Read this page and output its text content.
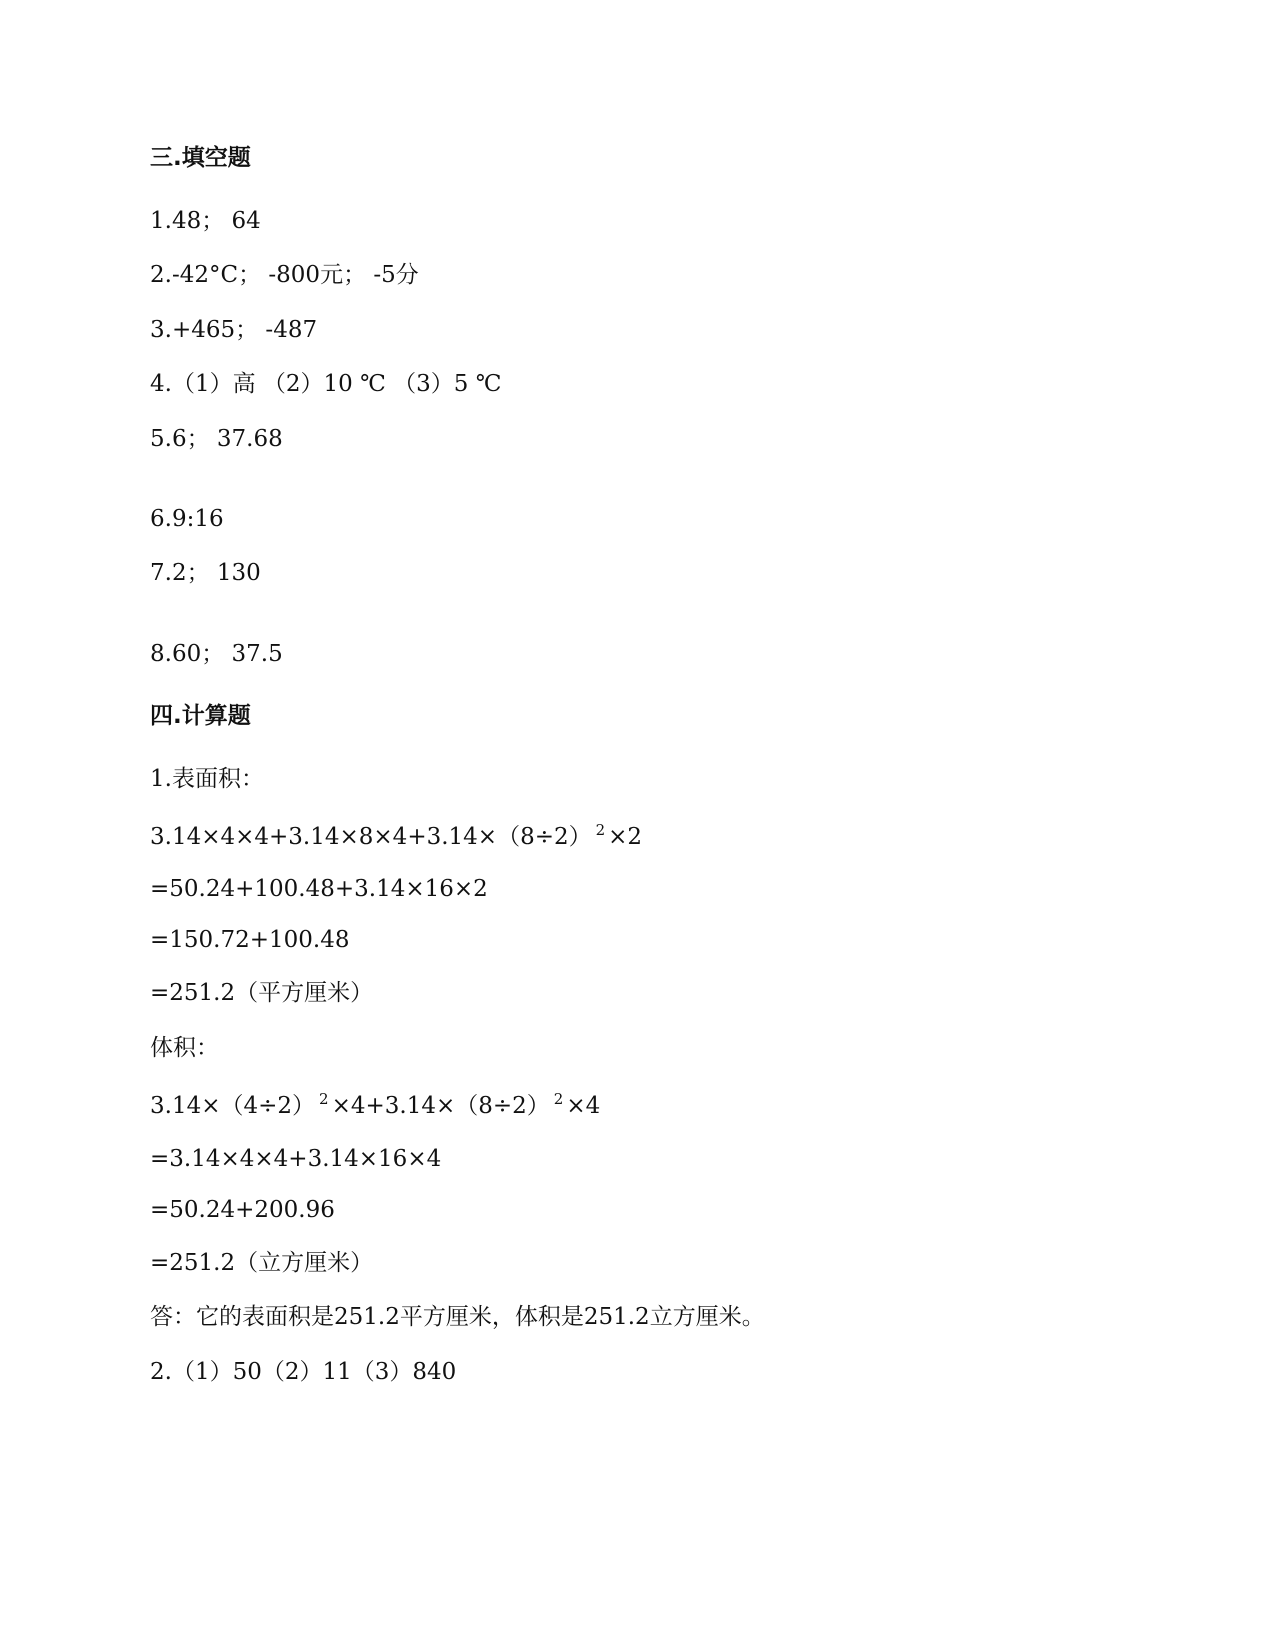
三.填空题

1.48； 64

2.-42°C； -800元； -5分

3.+465； -487

4.（1）高 （2）10 ℃ （3）5 ℃

5.6； 37.68

6.9:16

7.2； 130

8.60； 37.5

四.计算题

1.表面积：

3.14×4×4+3.14×8×4+3.14×（8÷2） $^2$ ×2

=50.24+100.48+3.14×16×2

=150.72+100.48

=251.2（平方厘米）

体积：

3.14×（4÷2） $^2$ ×4+3.14×（8÷2） $^2$ ×4

=3.14×4×4+3.14×16×4

=50.24+200.96

=251.2（立方厘米）

答：它的表面积是251.2平方厘米，体积是251.2立方厘米。

2.（1）50（2）11（3）840
